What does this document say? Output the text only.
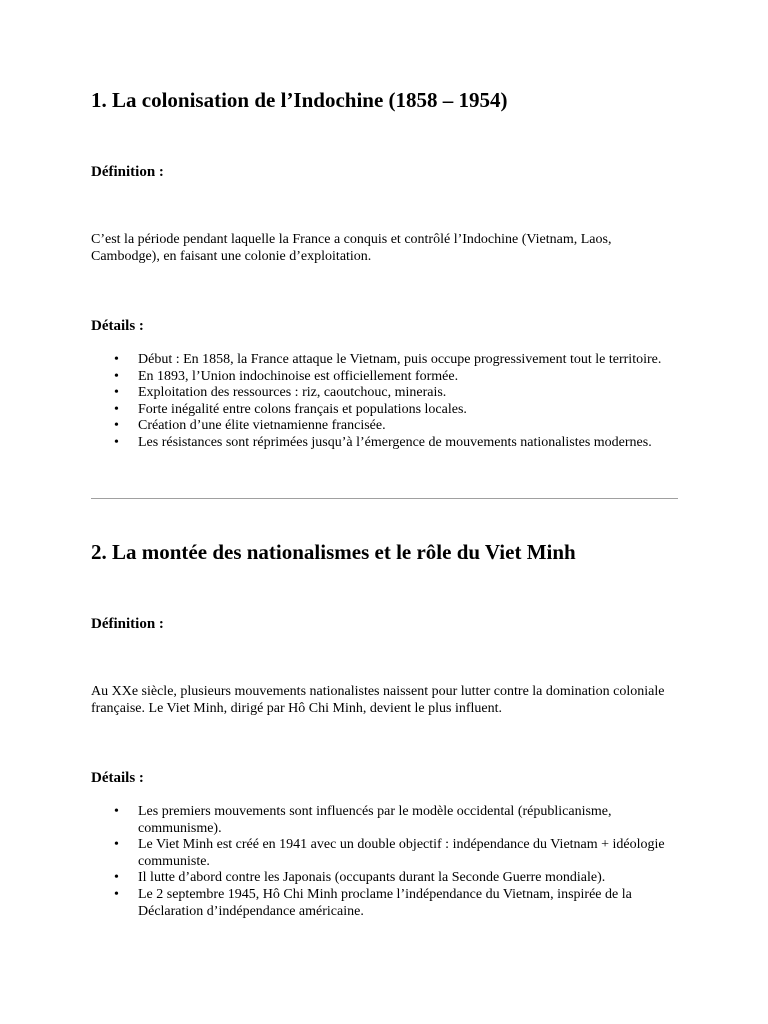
1. La colonisation de l’Indochine (1858 – 1954)

Définition :

C’est la période pendant laquelle la France a conquis et contrôlé l’Indochine (Vietnam, Laos, Cambodge), en faisant une colonie d’exploitation.

Détails :

• Début : En 1858, la France attaque le Vietnam, puis occupe progressivement tout le territoire.
• En 1893, l’Union indochinoise est officiellement formée.
• Exploitation des ressources : riz, caoutchouc, minerais.
• Forte inégalité entre colons français et populations locales.
• Création d’une élite vietnamienne francisée.
• Les résistances sont réprimées jusqu’à l’émergence de mouvements nationalistes modernes.
2. La montée des nationalismes et le rôle du Viet Minh

Définition :

Au XXe siècle, plusieurs mouvements nationalistes naissent pour lutter contre la domination coloniale française. Le Viet Minh, dirigé par Hô Chi Minh, devient le plus influent.

Détails :

• Les premiers mouvements sont influencés par le modèle occidental (républicanisme, communisme).
• Le Viet Minh est créé en 1941 avec un double objectif : indépendance du Vietnam + idéologie communiste.
• Il lutte d’abord contre les Japonais (occupants durant la Seconde Guerre mondiale).
• Le 2 septembre 1945, Hô Chi Minh proclame l’indépendance du Vietnam, inspirée de la Déclaration d’indépendance américaine.
